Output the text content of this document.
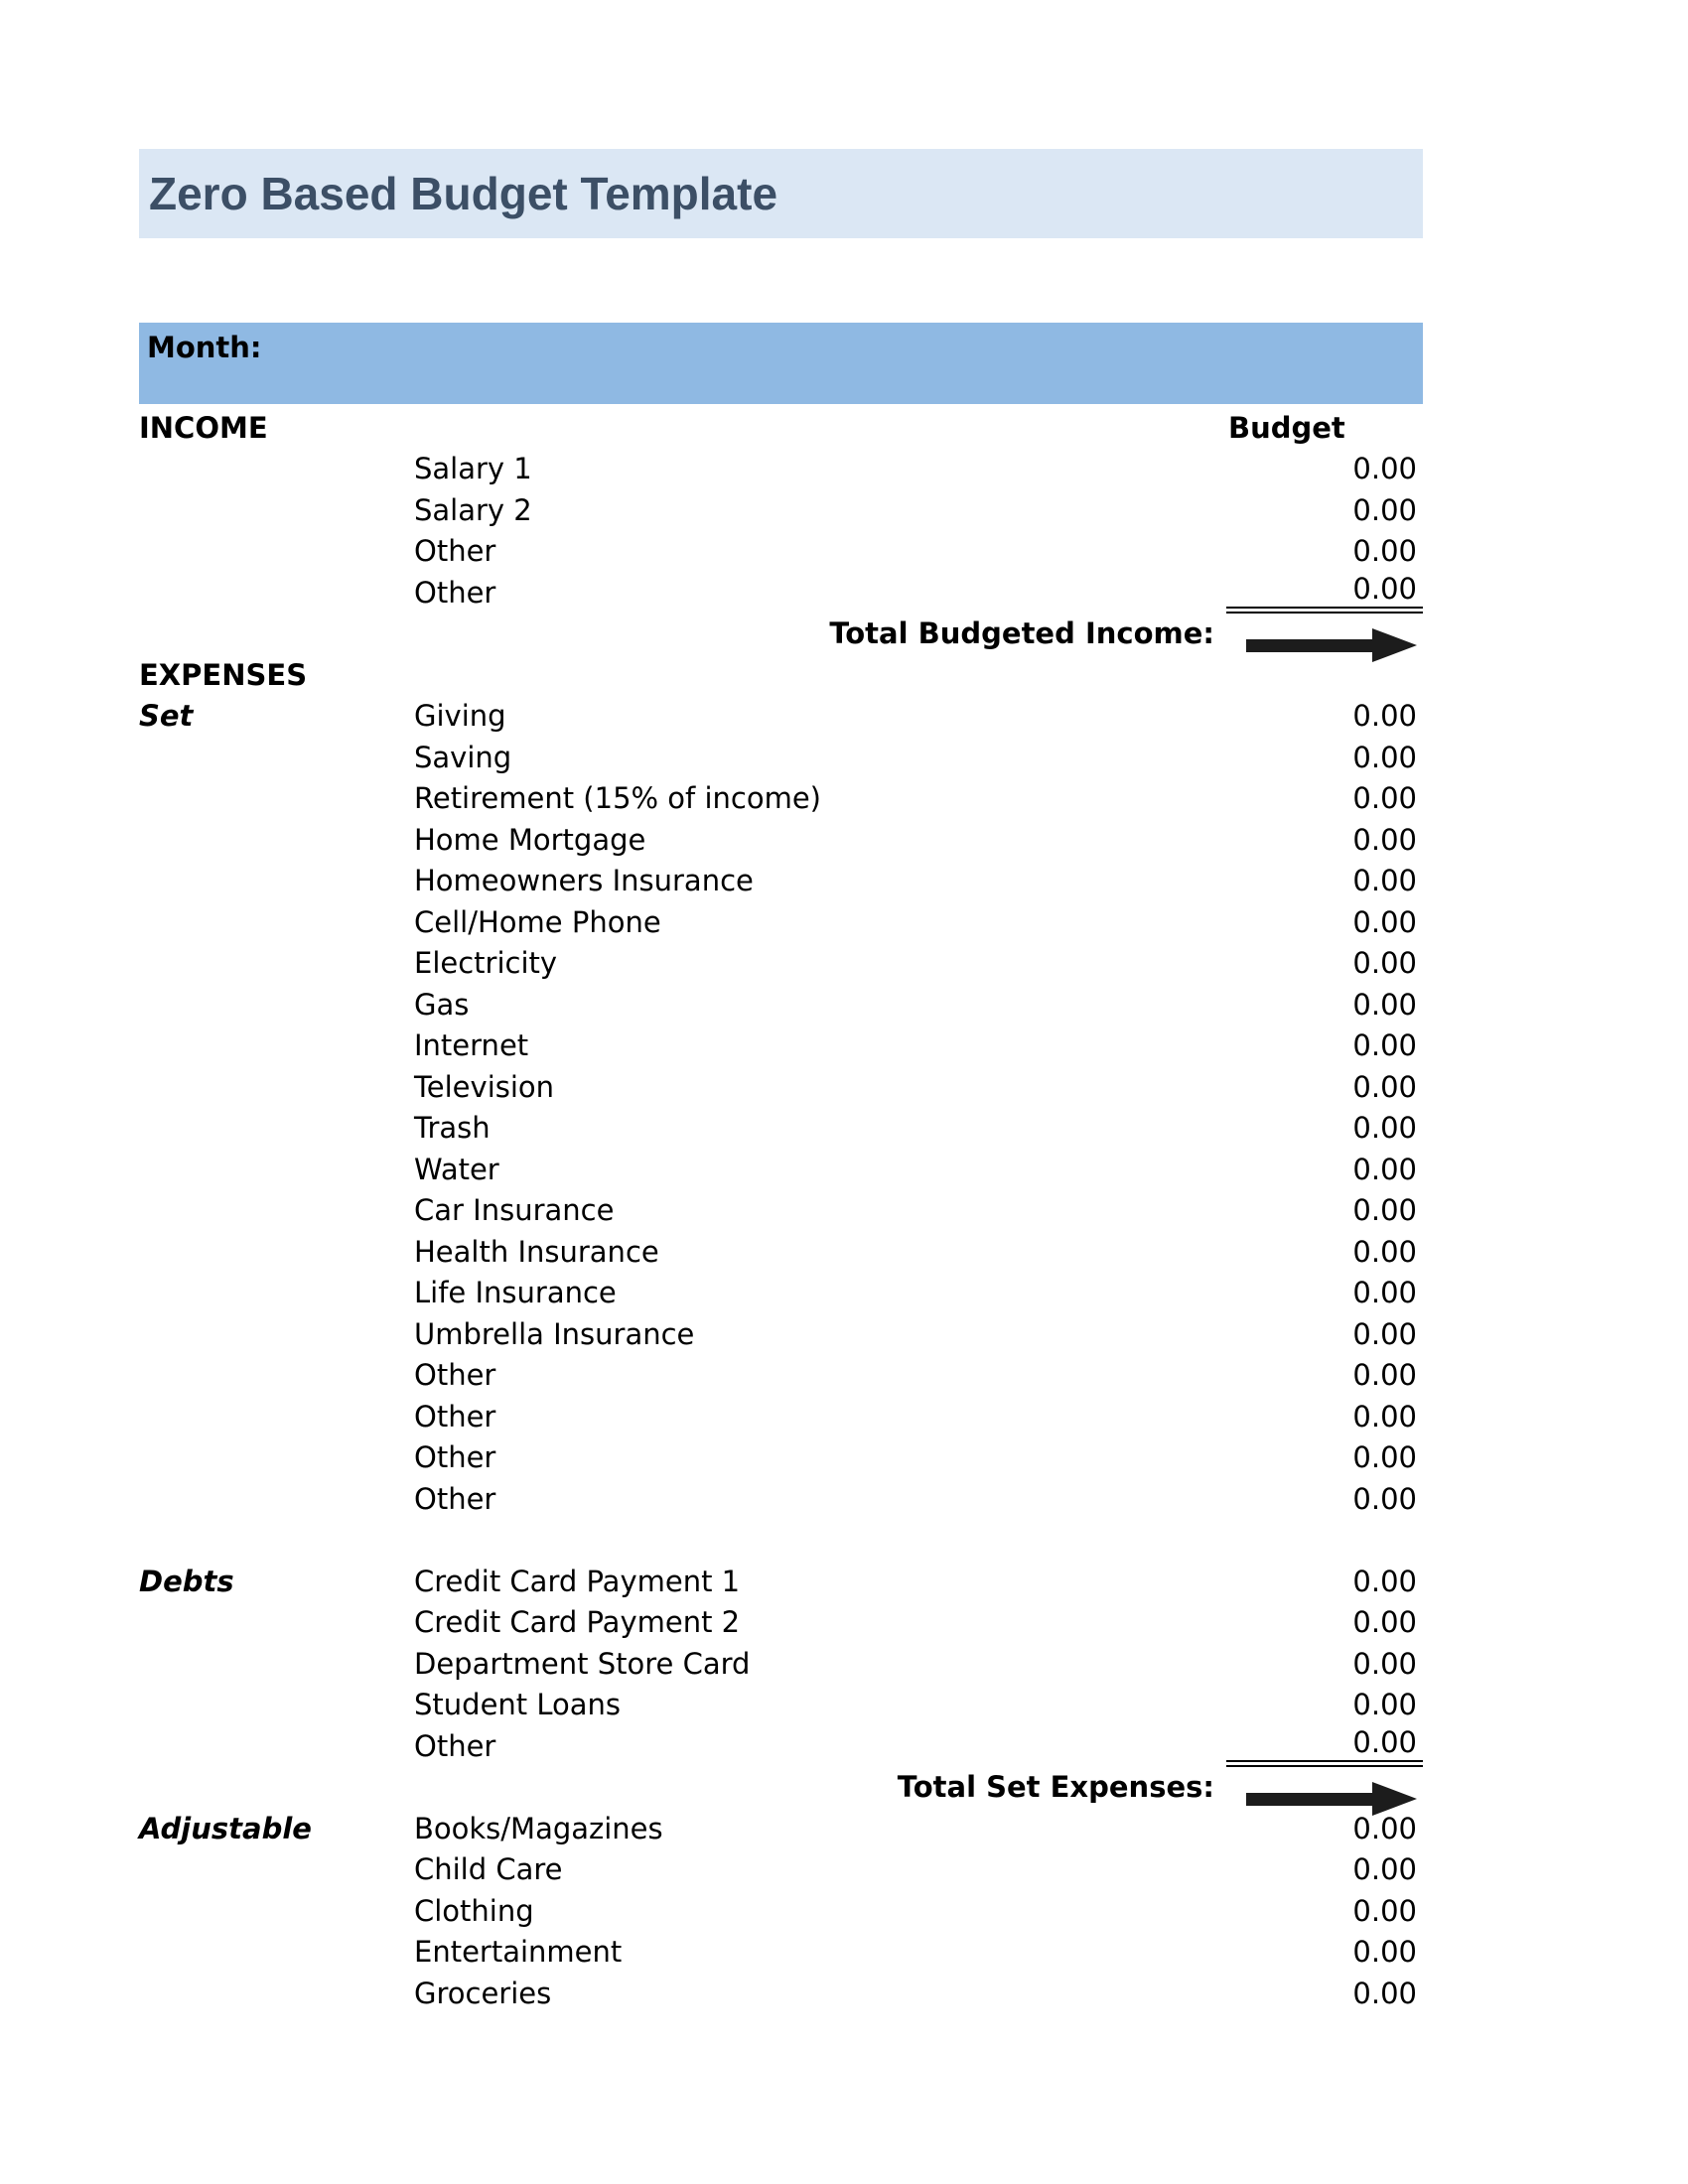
Zero Based Budget Template
Month:
INCOME	Budget
Salary 1	0.00
Salary 2	0.00
Other	0.00
Other	0.00
Total Budgeted Income:
EXPENSES
Set	Giving	0.00
Saving	0.00
Retirement (15% of income)	0.00
Home Mortgage	0.00
Homeowners Insurance	0.00
Cell/Home Phone	0.00
Electricity	0.00
Gas	0.00
Internet	0.00
Television	0.00
Trash	0.00
Water	0.00
Car Insurance	0.00
Health Insurance	0.00
Life Insurance	0.00
Umbrella Insurance	0.00
Other	0.00
Other	0.00
Other	0.00
Other	0.00
Debts	Credit Card Payment 1	0.00
Credit Card Payment 2	0.00
Department Store Card	0.00
Student Loans	0.00
Other	0.00
Total Set Expenses:
Adjustable	Books/Magazines	0.00
Child Care	0.00
Clothing	0.00
Entertainment	0.00
Groceries	0.00
